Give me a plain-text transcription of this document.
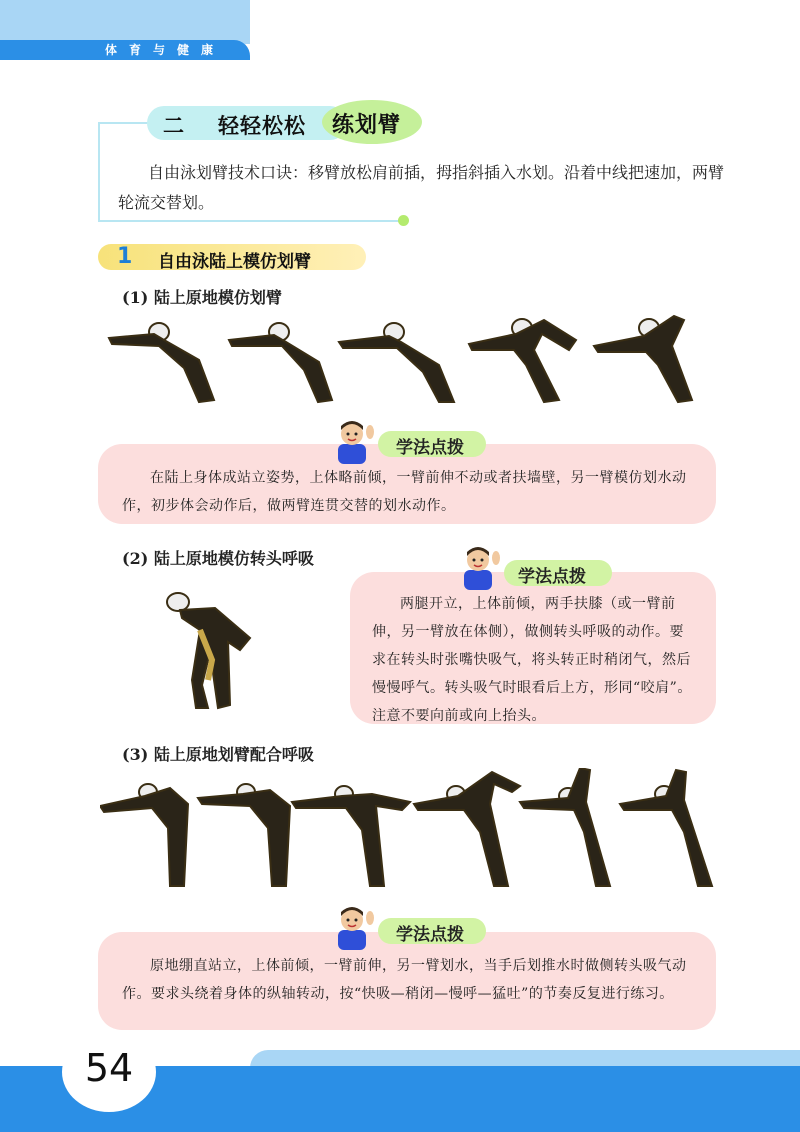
体育与健康
二 轻轻松松 练划臂
自由泳划臂技术口诀：移臂放松肩前插，拇指斜插入水划。沿着中线把速加，两臂轮流交替划。
1 自由泳陆上模仿划臂
(1) 陆上原地模仿划臂
学法点拨
在陆上身体成站立姿势，上体略前倾，一臂前伸不动或者扶墙壁，另一臂模仿划水动作，初步体会动作后，做两臂连贯交替的划水动作。
(2) 陆上原地模仿转头呼吸
学法点拨
两腿开立，上体前倾，两手扶膝（或一臂前伸，另一臂放在体侧），做侧转头呼吸的动作。要求在转头时张嘴快吸气，将头转正时稍闭气，然后慢慢呼气。转头吸气时眼看后上方，形同“咬肩”。注意不要向前或向上抬头。
(3) 陆上原地划臂配合呼吸
学法点拨
原地绷直站立，上体前倾，一臂前伸，另一臂划水，当手后划推水时做侧转头吸气动作。要求头绕着身体的纵轴转动，按“快吸—稍闭—慢呼—猛吐”的节奏反复进行练习。
54
